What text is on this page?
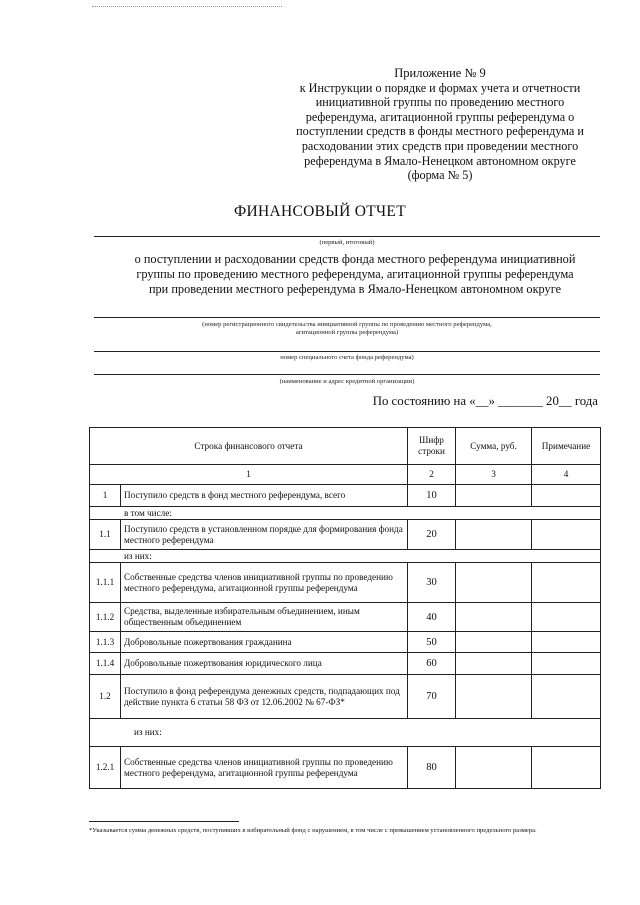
Приложение № 9
к Инструкции о порядке и формах учета и отчетности
инициативной группы по проведению местного
референдума, агитационной группы референдума о
поступлении средств в фонды местного референдума и
расходовании этих средств при проведении местного
референдума в Ямало-Ненецком автономном округе
(форма № 5)
ФИНАНСОВЫЙ ОТЧЕТ
(первый, итоговый)
о поступлении и расходовании средств фонда местного референдума инициативной
группы по проведению местного референдума, агитационной группы референдума
при проведении местного референдума в Ямало-Ненецком автономном округе
(номер регистрационного свидетельства инициативной группы по проведению местного референдума,
агитационной группы референдума)
номер специального счета фонда референдума)
(наименование и адрес кредитной организации)
По состоянию на «__» _______ 20__ года
Строка финансового отчета		Шифр строки	Сумма, руб.	Примечание
1		2	3	4
1	Поступило средств в фонд местного референдума, всего	10		
в том числе:				
1.1	Поступило средств в установленном порядке для формирования фонда местного референдума	20		
из них:				
1.1.1	Собственные средства членов инициативной группы по проведению местного референдума, агитационной группы референдума	30		
1.1.2	Средства, выделенные избирательным объединением, иным общественным объединением	40		
1.1.3	Добровольные пожертвования гражданина	50		
1.1.4	Добровольные пожертвования юридического лица	60		
1.2	Поступило в фонд референдума денежных средств, подпадающих под действие пункта 6 статьи 58 ФЗ от 12.06.2002 № 67-ФЗ*	70		
из них:				
1.2.1	Собственные средства членов инициативной группы по проведению местного референдума, агитационной группы референдума	80		
*Указывается сумма денежных средств, поступивших в избирательный фонд с нарушением, в том числе с превышением установленного предельного размера.
